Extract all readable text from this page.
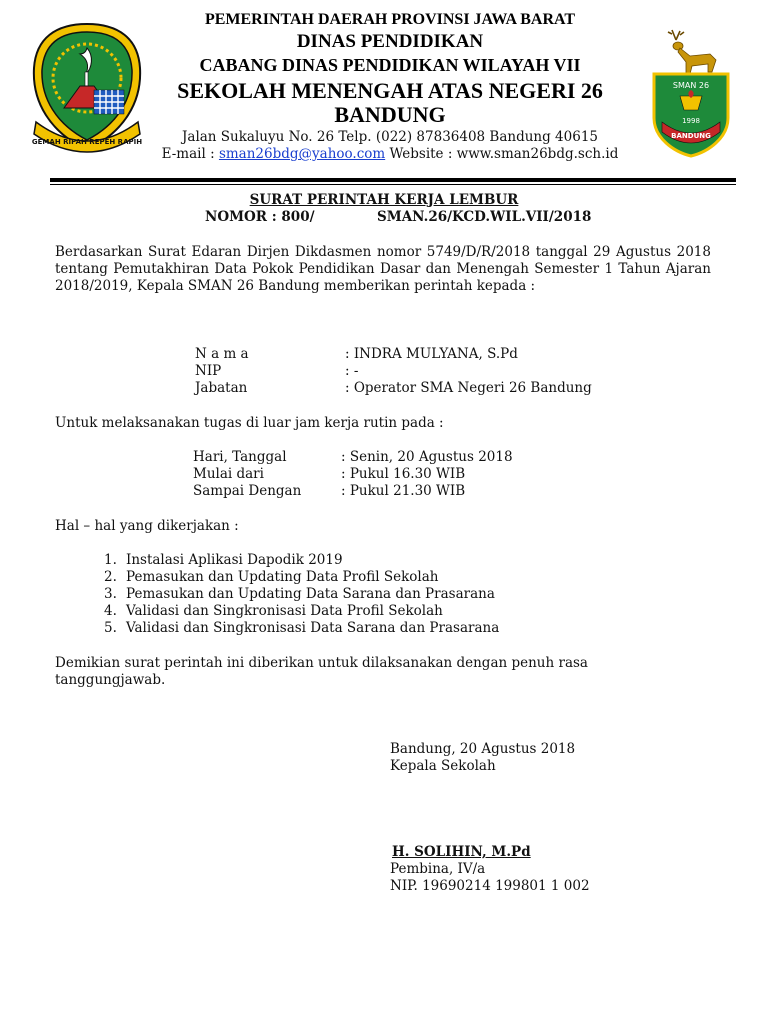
GEMAH RIPAH REPEH RAPIH
SMAN 26
1998
BANDUNG
PEMERINTAH DAERAH PROVINSI JAWA BARAT
DINAS PENDIDIKAN
CABANG DINAS PENDIDIKAN WILAYAH VII
SEKOLAH MENENGAH ATAS NEGERI 26
BANDUNG
Jalan Sukaluyu No. 26 Telp. (022) 87836408 Bandung 40615
E-mail : sman26bdg@yahoo.com Website : www.sman26bdg.sch.id
SURAT PERINTAH KERJA LEMBUR
NOMOR : 800/	SMAN.26/KCD.WIL.VII/2018
Berdasarkan Surat Edaran Dirjen Dikdasmen nomor 5749/D/R/2018 tanggal 29 Agustus 2018 tentang Pemutakhiran Data Pokok Pendidikan Dasar dan Menengah Semester 1 Tahun Ajaran 2018/2019, Kepala SMAN 26 Bandung memberikan perintah kepada :
N a m a	: INDRA MULYANA, S.Pd
NIP	: -
Jabatan	: Operator SMA Negeri 26 Bandung
Untuk melaksanakan tugas di luar jam kerja rutin pada :
Hari, Tanggal	: Senin, 20 Agustus 2018
Mulai dari	: Pukul 16.30 WIB
Sampai Dengan	: Pukul 21.30 WIB
Hal – hal yang dikerjakan :
1. Instalasi Aplikasi Dapodik 2019
2. Pemasukan dan Updating Data Profil Sekolah
3. Pemasukan dan Updating Data Sarana dan Prasarana
4. Validasi dan Singkronisasi Data Profil Sekolah
5. Validasi dan Singkronisasi Data Sarana dan Prasarana
Demikian surat perintah ini diberikan untuk dilaksanakan dengan penuh rasa tanggungjawab.
Bandung, 20 Agustus 2018
Kepala Sekolah
H. SOLIHIN, M.Pd
Pembina, IV/a
NIP. 19690214 199801 1 002
